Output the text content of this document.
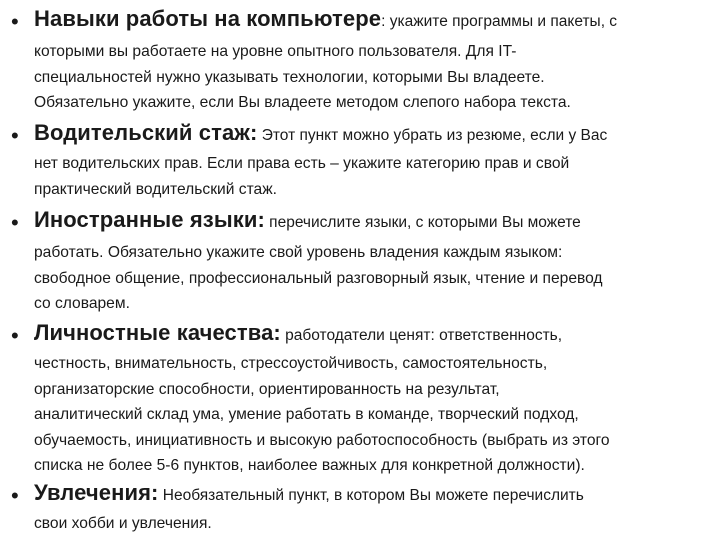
• Навыки работы на компьютере: укажите программы и пакеты, с
которыми вы работаете на уровне опытного пользователя. Для IT-
специальностей нужно указывать технологии, которыми Вы владеете.
Обязательно укажите, если Вы владеете методом слепого набора текста.
• Водительский стаж: Этот пункт можно убрать из резюме, если у Вас
нет водительских прав. Если права есть – укажите категорию прав и свой
практический водительский стаж.
• Иностранные языки: перечислите языки, с которыми Вы можете
работать. Обязательно укажите свой уровень владения каждым языком:
свободное общение, профессиональный разговорный язык, чтение и перевод
со словарем.
• Личностные качества: работодатели ценят: ответственность,
честность, внимательность, стрессоустойчивость, самостоятельность,
организаторские способности, ориентированность на результат,
аналитический склад ума, умение работать в команде, творческий подход,
обучаемость, инициативность и высокую работоспособность (выбрать из этого
списка не более 5-6 пунктов, наиболее важных для конкретной должности).
• Увлечения: Необязательный пункт, в котором Вы можете перечислить
свои хобби и увлечения.
